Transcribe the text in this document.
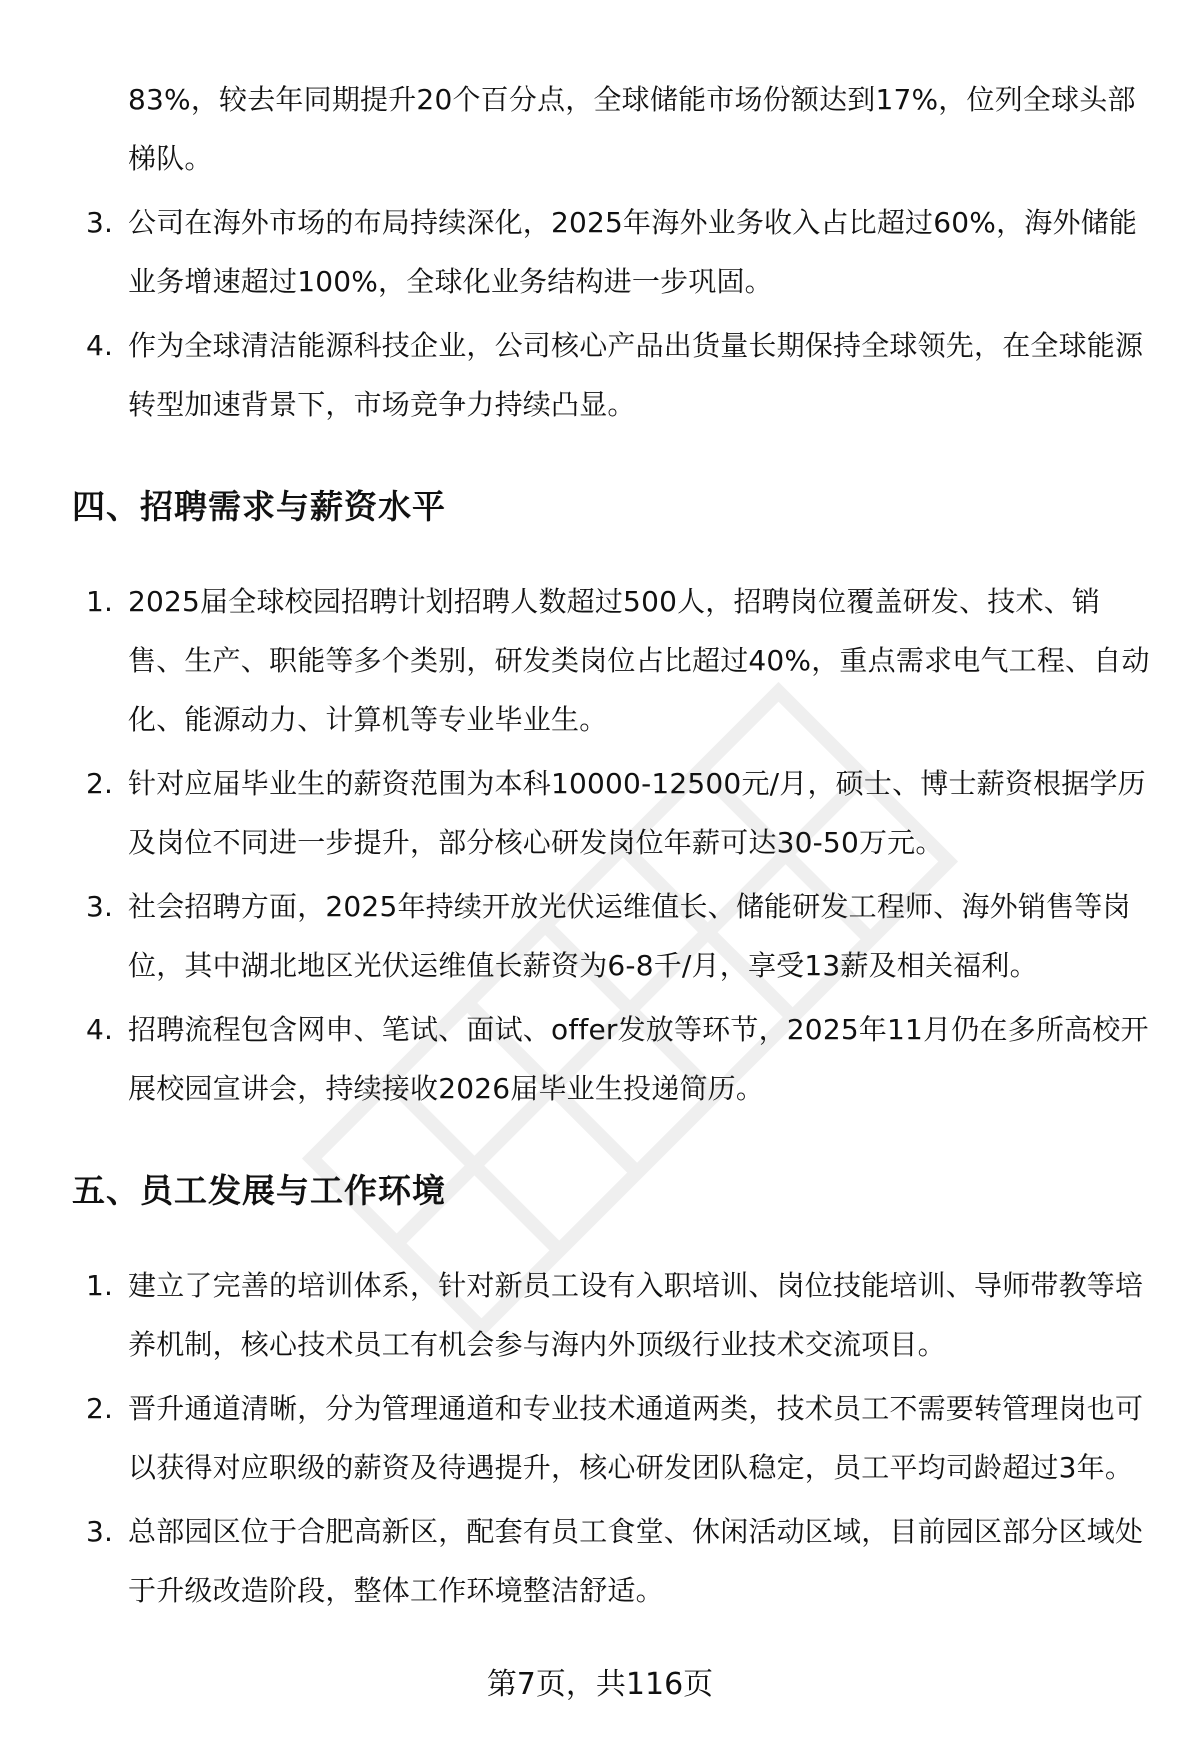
83%，较去年同期提升20个百分点，全球储能市场份额达到17%，位列全球头部梯队。
3. 公司在海外市场的布局持续深化，2025年海外业务收入占比超过60%，海外储能业务增速超过100%，全球化业务结构进一步巩固。
4. 作为全球清洁能源科技企业，公司核心产品出货量长期保持全球领先，在全球能源转型加速背景下，市场竞争力持续凸显。
四、招聘需求与薪资水平
1. 2025届全球校园招聘计划招聘人数超过500人，招聘岗位覆盖研发、技术、销售、生产、职能等多个类别，研发类岗位占比超过40%，重点需求电气工程、自动化、能源动力、计算机等专业毕业生。
2. 针对应届毕业生的薪资范围为本科10000-12500元/月，硕士、博士薪资根据学历及岗位不同进一步提升，部分核心研发岗位年薪可达30-50万元。
3. 社会招聘方面，2025年持续开放光伏运维值长、储能研发工程师、海外销售等岗位，其中湖北地区光伏运维值长薪资为6-8千/月，享受13薪及相关福利。
4. 招聘流程包含网申、笔试、面试、offer发放等环节，2025年11月仍在多所高校开展校园宣讲会，持续接收2026届毕业生投递简历。
五、员工发展与工作环境
1. 建立了完善的培训体系，针对新员工设有入职培训、岗位技能培训、导师带教等培养机制，核心技术员工有机会参与海内外顶级行业技术交流项目。
2. 晋升通道清晰，分为管理通道和专业技术通道两类，技术员工不需要转管理岗也可以获得对应职级的薪资及待遇提升，核心研发团队稳定，员工平均司龄超过3年。
3. 总部园区位于合肥高新区，配套有员工食堂、休闲活动区域，目前园区部分区域处于升级改造阶段，整体工作环境整洁舒适。
第7页，共116页
